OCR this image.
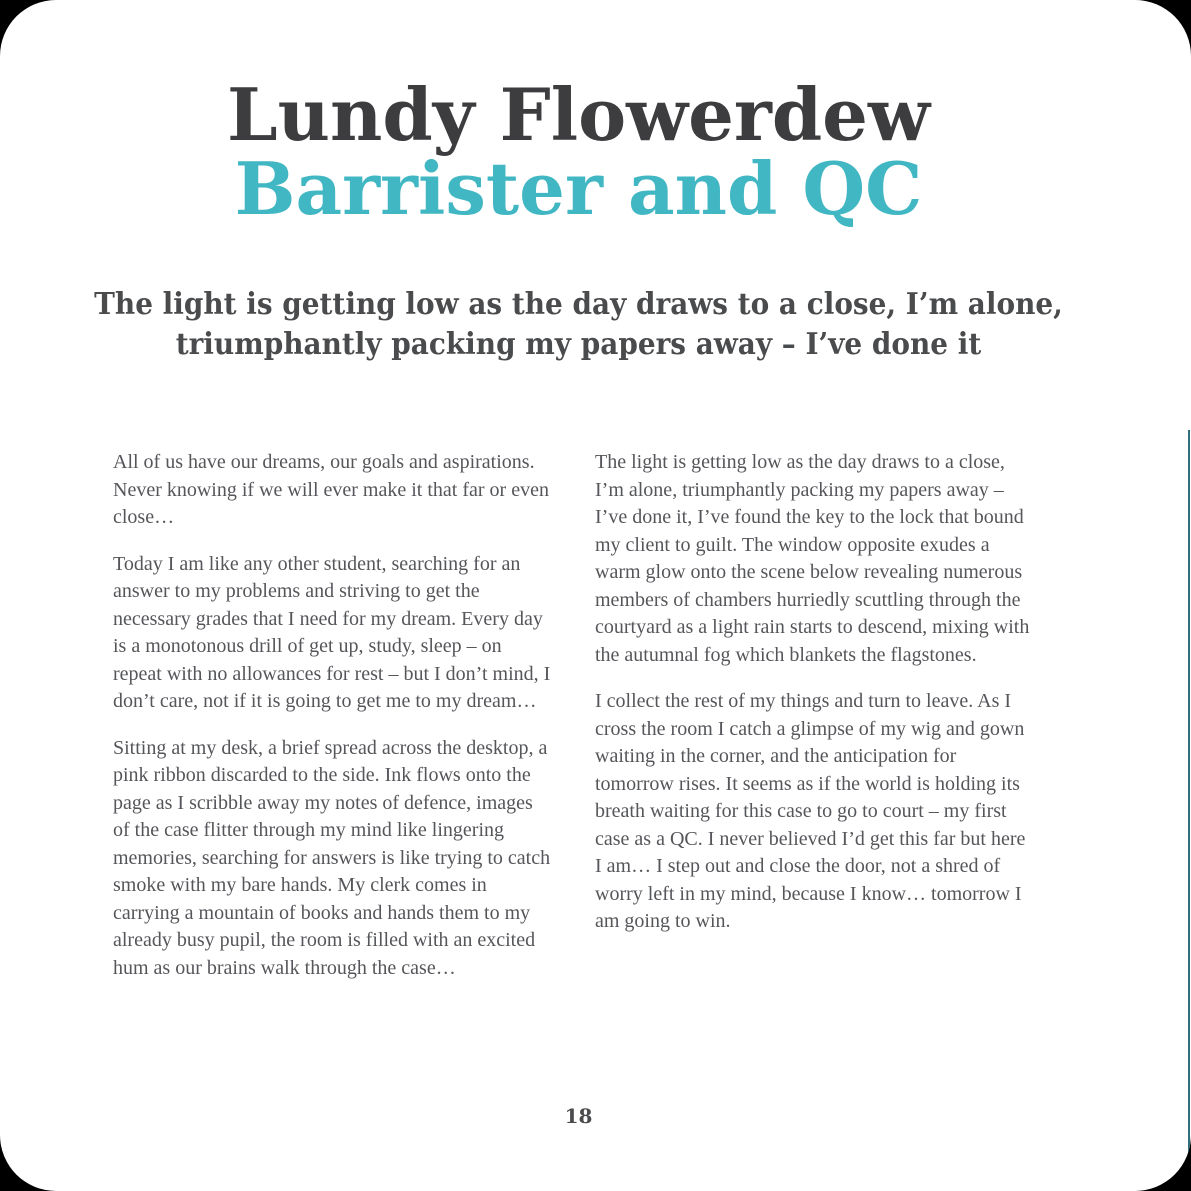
Lundy Flowerdew
Barrister and QC
The light is getting low as the day draws to a close, I’m alone,
triumphantly packing my papers away – I’ve done it

All of us have our dreams, our goals and aspirations. Never knowing if we will ever make it that far or even close…

Today I am like any other student, searching for an answer to my problems and striving to get the necessary grades that I need for my dream. Every day is a monotonous drill of get up, study, sleep – on repeat with no allowances for rest – but I don’t mind, I don’t care, not if it is going to get me to my dream…

Sitting at my desk, a brief spread across the desktop, a pink ribbon discarded to the side. Ink flows onto the page as I scribble away my notes of defence, images of the case flitter through my mind like lingering memories, searching for answers is like trying to catch smoke with my bare hands. My clerk comes in carrying a mountain of books and hands them to my already busy pupil, the room is filled with an excited hum as our brains walk through the case…

The light is getting low as the day draws to a close, I’m alone, triumphantly packing my papers away – I’ve done it, I’ve found the key to the lock that bound my client to guilt. The window opposite exudes a warm glow onto the scene below revealing numerous members of chambers hurriedly scuttling through the courtyard as a light rain starts to descend, mixing with the autumnal fog which blankets the flagstones.

I collect the rest of my things and turn to leave. As I cross the room I catch a glimpse of my wig and gown waiting in the corner, and the anticipation for tomorrow rises. It seems as if the world is holding its breath waiting for this case to go to court – my first case as a QC. I never believed I’d get this far but here I am… I step out and close the door, not a shred of worry left in my mind, because I know… tomorrow I am going to win.

18
